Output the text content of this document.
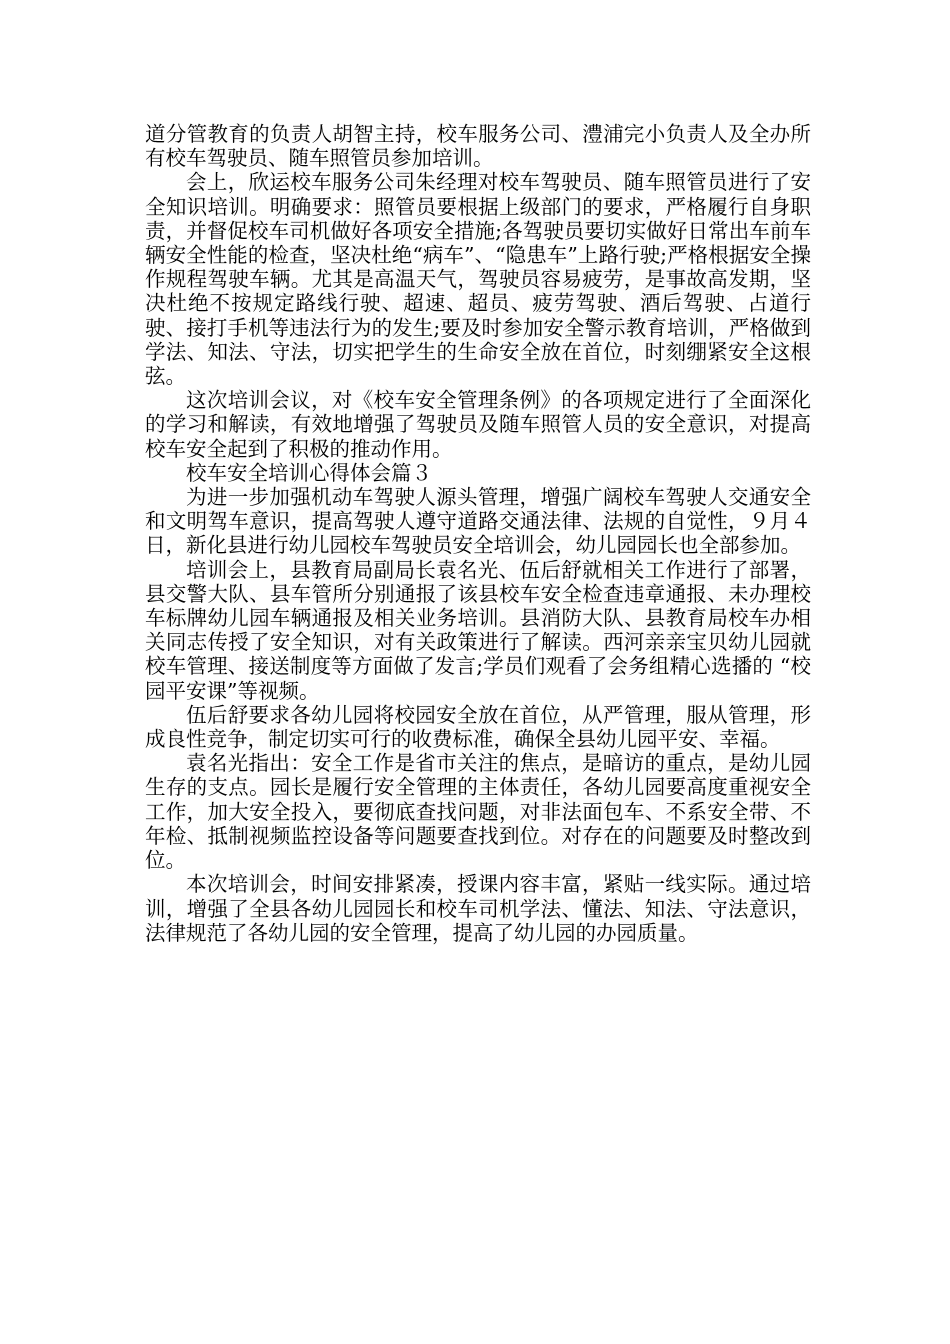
道分管教育的负责人胡智主持，校车服务公司、澧浦完小负责人及全办所有校车驾驶员、随车照管员参加培训。

会上，欣运校车服务公司朱经理对校车驾驶员、随车照管员进行了安全知识培训。明确要求：照管员要根据上级部门的要求，严格履行自身职责，并督促校车司机做好各项安全措施;各驾驶员要切实做好日常出车前车辆安全性能的检查，坚决杜绝“病车”、“隐患车”上路行驶;严格根据安全操作规程驾驶车辆。尤其是高温天气，驾驶员容易疲劳，是事故高发期，坚决杜绝不按规定路线行驶、超速、超员、疲劳驾驶、酒后驾驶、占道行驶、接打手机等违法行为的发生;要及时参加安全警示教育培训，严格做到学法、知法、守法，切实把学生的生命安全放在首位，时刻绷紧安全这根弦。

这次培训会议，对《校车安全管理条例》的各项规定进行了全面深化的学习和解读，有效地增强了驾驶员及随车照管人员的安全意识，对提高校车安全起到了积极的推动作用。

校车安全培训心得体会篇３

为进一步加强机动车驾驶人源头管理，增强广阔校车驾驶人交通安全和文明驾车意识，提高驾驶人遵守道路交通法律、法规的自觉性，９月４日，新化县进行幼儿园校车驾驶员安全培训会，幼儿园园长也全部参加。

培训会上，县教育局副局长袁名光、伍后舒就相关工作进行了部署，县交警大队、县车管所分别通报了该县校车安全检查违章通报、未办理校车标牌幼儿园车辆通报及相关业务培训。县消防大队、县教育局校车办相关同志传授了安全知识，对有关政策进行了解读。西河亲亲宝贝幼儿园就校车管理、接送制度等方面做了发言;学员们观看了会务组精心选播的 “校园平安课”等视频。

伍后舒要求各幼儿园将校园安全放在首位，从严管理，服从管理，形成良性竞争，制定切实可行的收费标准，确保全县幼儿园平安、幸福。

袁名光指出：安全工作是省市关注的焦点，是暗访的重点，是幼儿园生存的支点。园长是履行安全管理的主体责任，各幼儿园要高度重视安全工作，加大安全投入，要彻底查找问题，对非法面包车、不系安全带、不年检、抵制视频监控设备等问题要查找到位。对存在的问题要及时整改到位。

本次培训会，时间安排紧凑，授课内容丰富，紧贴一线实际。通过培训，增强了全县各幼儿园园长和校车司机学法、懂法、知法、守法意识，法律规范了各幼儿园的安全管理，提高了幼儿园的办园质量。
